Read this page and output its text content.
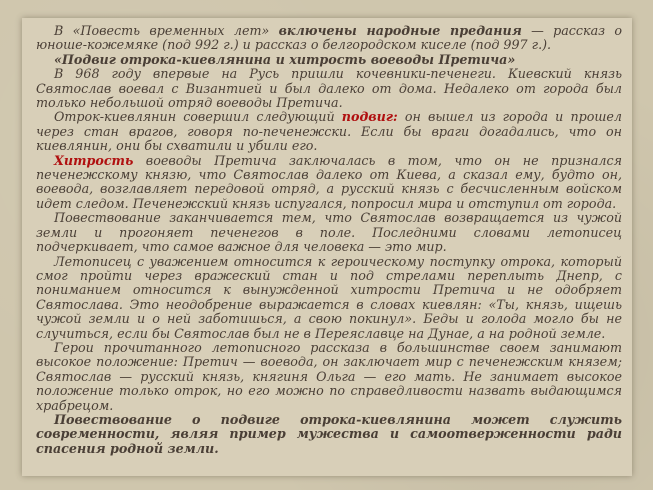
В «Повесть временных лет» включены народные предания — рассказ о юноше-кожемяке (под 992 г.) и рассказ о белгородском киселе (под 997 г.).

«Подвиг отрока-киевлянина и хитрость воеводы Претича»

В 968 году впервые на Русь пришли кочевники-печенеги. Киевский князь Святослав воевал с Византией и был далеко от дома. Недалеко от города был только небольшой отряд воеводы Претича.

Отрок-киевлянин совершил следующий подвиг: он вышел из города и прошел через стан врагов, говоря по-печенежски. Если бы враги догадались, что он киевлянин, они бы схватили и убили его.

Хитрость воеводы Претича заключалась в том, что он не признался печенежскому князю, что Святослав далеко от Киева, а сказал ему, будто он, воевода, возглавляет передовой отряд, а русский князь с бесчисленным войском идет следом. Печенежский князь испугался, попросил мира и отступил от города.

Повествование заканчивается тем, что Святослав возвращается из чужой земли и прогоняет печенегов в поле. Последними словами летописец подчеркивает, что самое важное для человека — это мир.

Летописец с уважением относится к героическому поступку отрока, который смог пройти через вражеский стан и под стрелами переплыть Днепр, с пониманием относится к вынужденной хитрости Претича и не одобряет Святослава. Это неодобрение выражается в словах киевлян: «Ты, князь, ищешь чужой земли и о ней заботишься, а свою покинул». Беды и голода могло бы не случиться, если бы Святослав был не в Переяславце на Дунае, а на родной земле.

Герои прочитанного летописного рассказа в большинстве своем занимают высокое положение: Претич — воевода, он заключает мир с печенежским князем; Святослав — русский князь, княгиня Ольга — его мать. Не занимает высокое положение только отрок, но его можно по справедливости назвать выдающимся храбрецом.

Повествование о подвиге отрока-киевлянина может служить современности, являя пример мужества и самоотверженности ради спасения родной земли.
